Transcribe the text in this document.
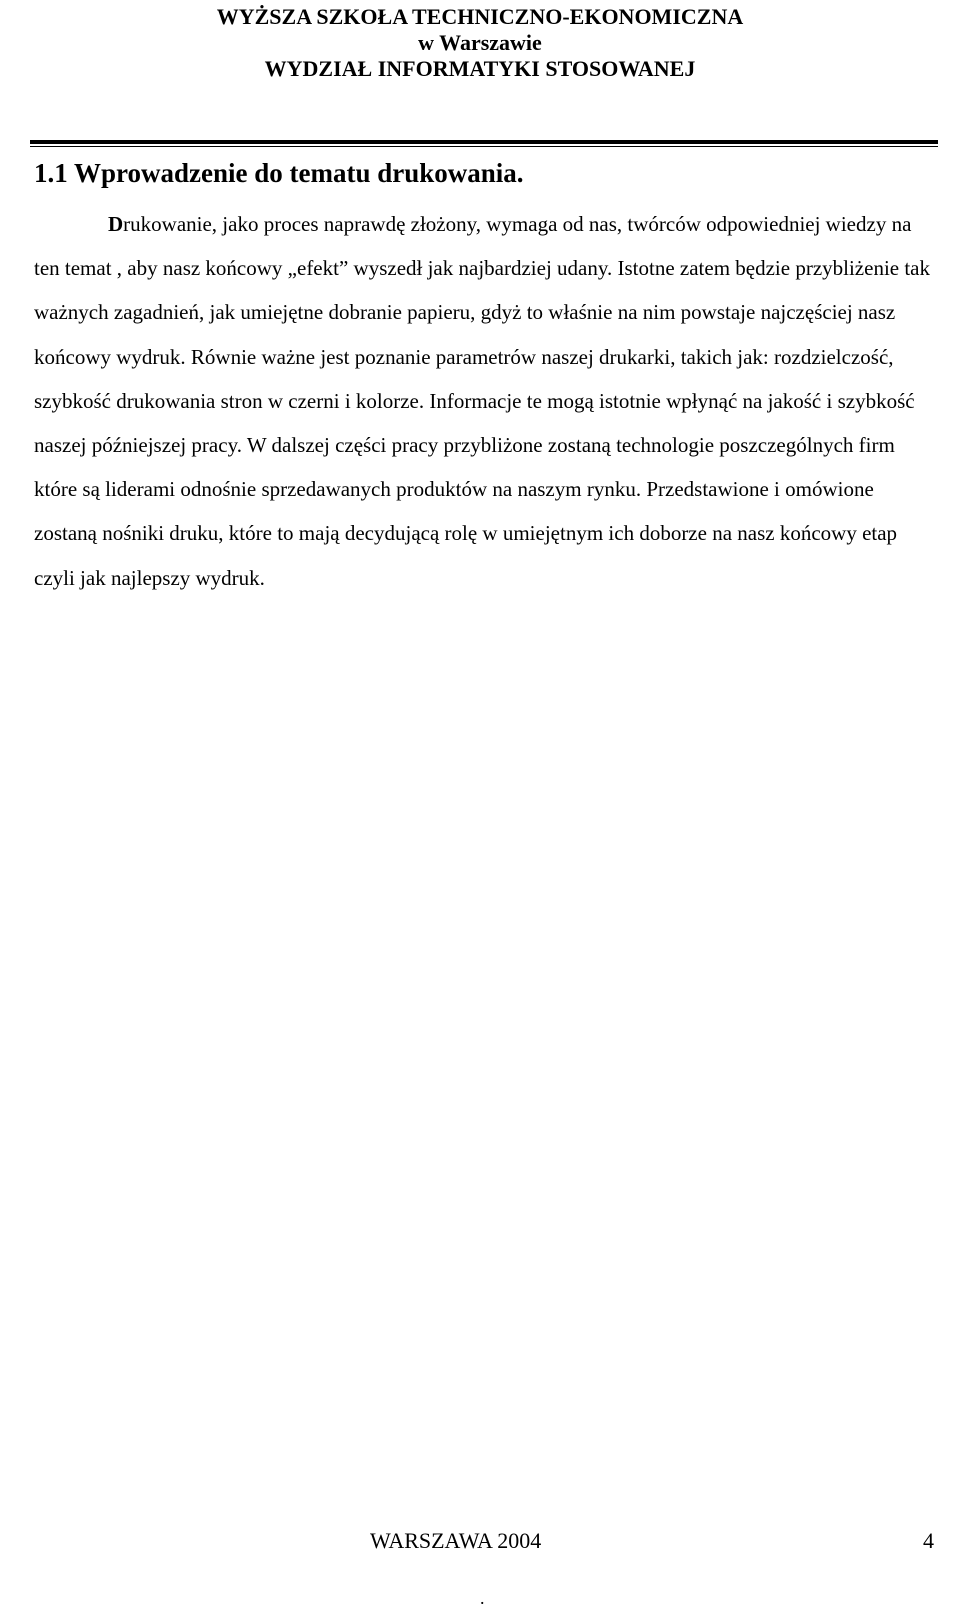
WYŻSZA SZKOŁA TECHNICZNO-EKONOMICZNA
w Warszawie
WYDZIAŁ INFORMATYKI STOSOWANEJ
1.1 Wprowadzenie do tematu drukowania.

Drukowanie, jako proces naprawdę złożony, wymaga od nas, twórców odpowiedniej wiedzy na ten temat , aby nasz końcowy „efekt” wyszedł jak najbardziej udany. Istotne zatem będzie przybliżenie tak ważnych zagadnień, jak umiejętne dobranie papieru, gdyż to właśnie na nim powstaje najczęściej nasz końcowy wydruk. Równie ważne jest poznanie parametrów naszej drukarki, takich jak: rozdzielczość, szybkość drukowania stron w czerni i kolorze. Informacje te mogą istotnie wpłynąć na jakość i szybkość naszej późniejszej pracy. W dalszej części pracy przybliżone zostaną technologie poszczególnych firm które są liderami odnośnie sprzedawanych produktów na naszym rynku. Przedstawione i omówione zostaną nośniki druku, które to mają decydującą rolę w umiejętnym ich doborze na nasz końcowy etap czyli jak najlepszy wydruk.

WARSZAWA 2004	4
.
